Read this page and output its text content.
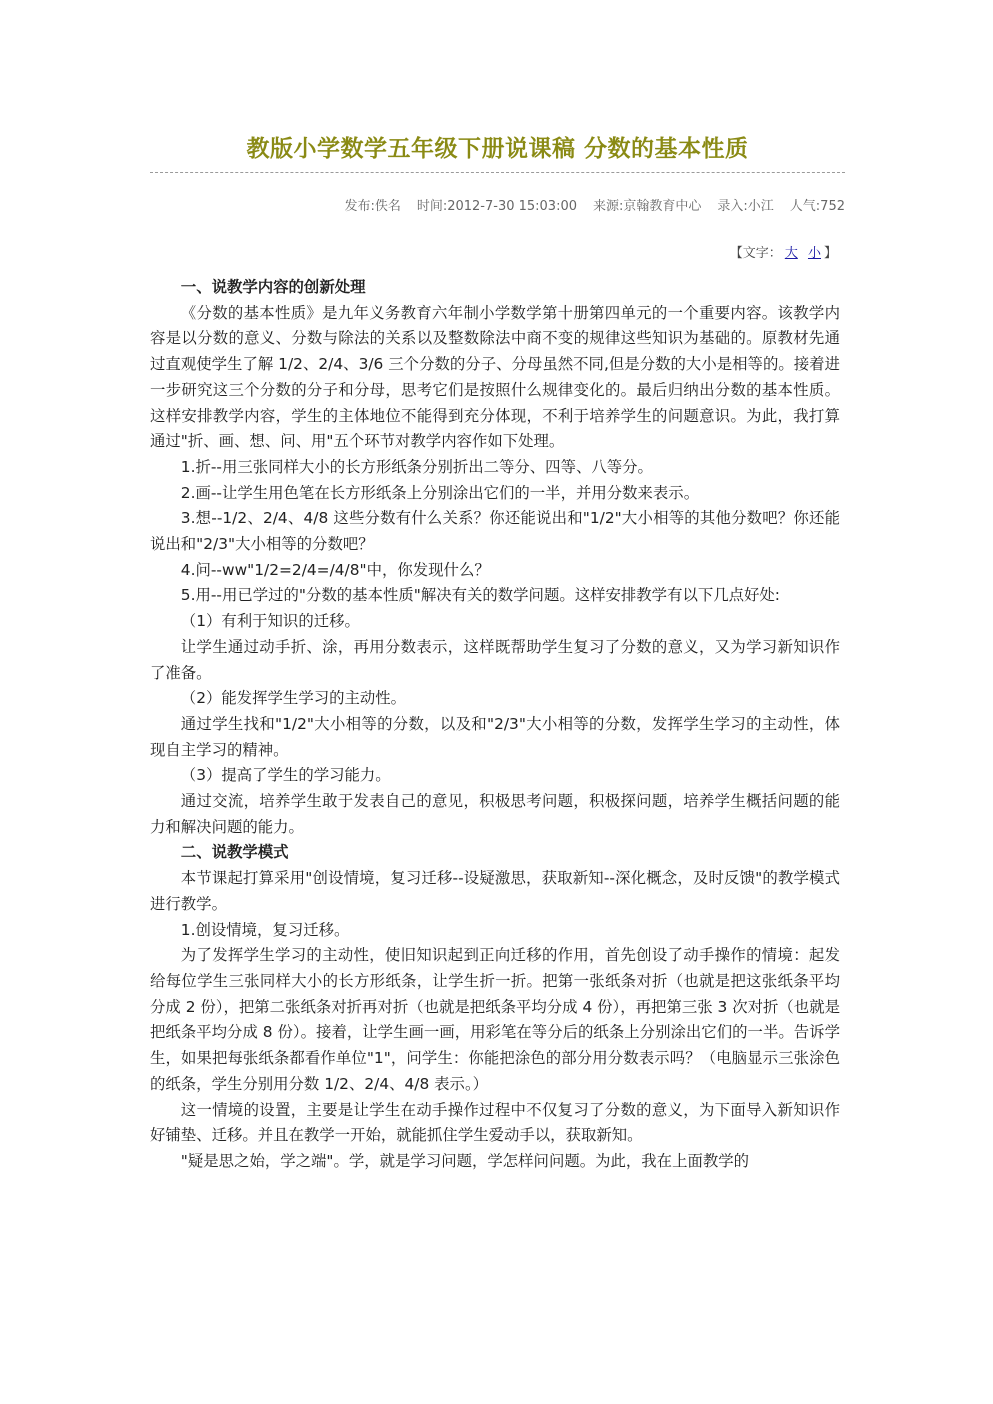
教版小学数学五年级下册说课稿 分数的基本性质
发布:佚名 时间:2012-7-30 15:03:00 来源:京翰教育中心 录入:小江 人气:752
【文字： 大 小 】

一、说教学内容的创新处理

《分数的基本性质》是九年义务教育六年制小学数学第十册第四单元的一个重要内容。该教学内容是以分数的意义、分数与除法的关系以及整数除法中商不变的规律这些知识为基础的。原教材先通过直观使学生了解 1/2、2/4、3/6 三个分数的分子、分母虽然不同,但是分数的大小是相等的。接着进一步研究这三个分数的分子和分母，思考它们是按照什么规律变化的。最后归纳出分数的基本性质。这样安排教学内容，学生的主体地位不能得到充分体现，不利于培养学生的问题意识。为此，我打算通过"折、画、想、问、用"五个环节对教学内容作如下处理。

1.折--用三张同样大小的长方形纸条分别折出二等分、四等、八等分。

2.画--让学生用色笔在长方形纸条上分别涂出它们的一半，并用分数来表示。

3.想--1/2、2/4、4/8 这些分数有什么关系？你还能说出和"1/2"大小相等的其他分数吧？你还能说出和"2/3"大小相等的分数吧？

4.问--ww"1/2=2/4=/4/8"中，你发现什么？

5.用--用已学过的"分数的基本性质"解决有关的数学问题。这样安排教学有以下几点好处:

（1）有利于知识的迁移。

让学生通过动手折、涂，再用分数表示，这样既帮助学生复习了分数的意义，又为学习新知识作了准备。

（2）能发挥学生学习的主动性。

通过学生找和"1/2"大小相等的分数，以及和"2/3"大小相等的分数，发挥学生学习的主动性，体现自主学习的精神。

（3）提高了学生的学习能力。

通过交流，培养学生敢于发表自己的意见，积极思考问题，积极探问题，培养学生概括问题的能力和解决问题的能力。

二、说教学模式

本节课起打算采用"创设情境，复习迁移--设疑激思，获取新知--深化概念，及时反馈"的教学模式进行教学。

1.创设情境，复习迁移。

为了发挥学生学习的主动性，使旧知识起到正向迁移的作用，首先创设了动手操作的情境：起发给每位学生三张同样大小的长方形纸条，让学生折一折。把第一张纸条对折（也就是把这张纸条平均分成 2 份），把第二张纸条对折再对折（也就是把纸条平均分成 4 份），再把第三张 3 次对折（也就是把纸条平均分成 8 份）。接着，让学生画一画，用彩笔在等分后的纸条上分别涂出它们的一半。告诉学生，如果把每张纸条都看作单位"1"，问学生：你能把涂色的部分用分数表示吗？（电脑显示三张涂色的纸条，学生分别用分数 1/2、2/4、4/8 表示。）

这一情境的设置，主要是让学生在动手操作过程中不仅复习了分数的意义，为下面导入新知识作好铺垫、迁移。并且在教学一开始，就能抓住学生爱动手以，获取新知。

"疑是思之始，学之端"。学，就是学习问题，学怎样问问题。为此，我在上面教学的
